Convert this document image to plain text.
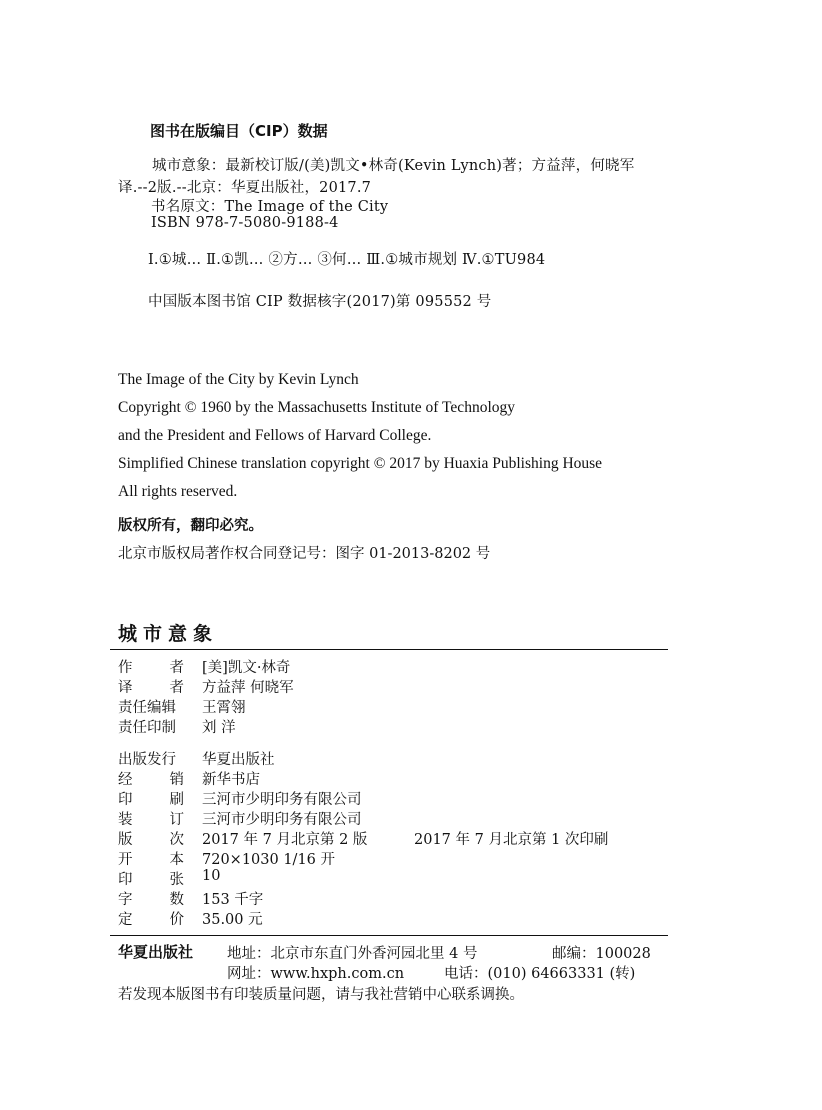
图书在版编目（CIP）数据
城市意象：最新校订版/(美)凯文•林奇(Kevin Lynch)著；方益萍，何晓军
译.--2版.--北京：华夏出版社，2017.7
书名原文：The Image of the City
ISBN 978-7-5080-9188-4
Ⅰ.①城… Ⅱ.①凯… ②方… ③何… Ⅲ.①城市规划 Ⅳ.①TU984
中国版本图书馆 CIP 数据核字(2017)第 095552 号
The Image of the City by Kevin Lynch
Copyright © 1960 by the Massachusetts Institute of Technology
and the President and Fellows of Harvard College.
Simplified Chinese translation copyright © 2017 by Huaxia Publishing House
All rights reserved.
版权所有，翻印必究。
北京市版权局著作权合同登记号：图字 01-2013-8202 号
城市意象
作	者 [美]凯文·林奇
译	者 方益萍 何晓军
责任编辑 王霄翎
责任印制 刘 洋
出版发行 华夏出版社
经	销 新华书店
印	刷 三河市少明印务有限公司
装	订 三河市少明印务有限公司
版	次 2017 年 7 月北京第 2 版	2017 年 7 月北京第 1 次印刷
开	本 720×1030 1/16 开
印	张 10
字	数 153 千字
定	价 35.00 元
华夏出版社 地址：北京市东直门外香河园北里 4 号	邮编：100028
网址：www.hxph.com.cn	电话：(010) 64663331 (转)
若发现本版图书有印装质量问题，请与我社营销中心联系调换。
